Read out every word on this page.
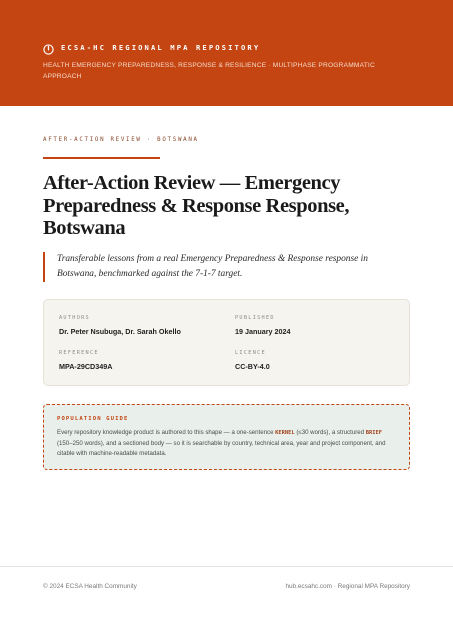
ECSA-HC REGIONAL MPA REPOSITORY
HEALTH EMERGENCY PREPAREDNESS, RESPONSE & RESILIENCE · MULTIPHASE PROGRAMMATIC APPROACH
AFTER-ACTION REVIEW · BOTSWANA
After-Action Review — Emergency Preparedness & Response Response, Botswana

Transferable lessons from a real Emergency Preparedness & Response response in Botswana, benchmarked against the 7-1-7 target.

AUTHORS
Dr. Peter Nsubuga, Dr. Sarah Okello
PUBLISHED
19 January 2024
REFERENCE
MPA-29CD349A
LICENCE
CC-BY-4.0
POPULATION GUIDE
Every repository knowledge product is authored to this shape — a one-sentence KERNEL (≤30 words), a structured BRIEF (150–250 words), and a sectioned body — so it is searchable by country, technical area, year and project component, and citable with machine-readable metadata.
© 2024 ECSA Health Community	hub.ecsahc.com · Regional MPA Repository
